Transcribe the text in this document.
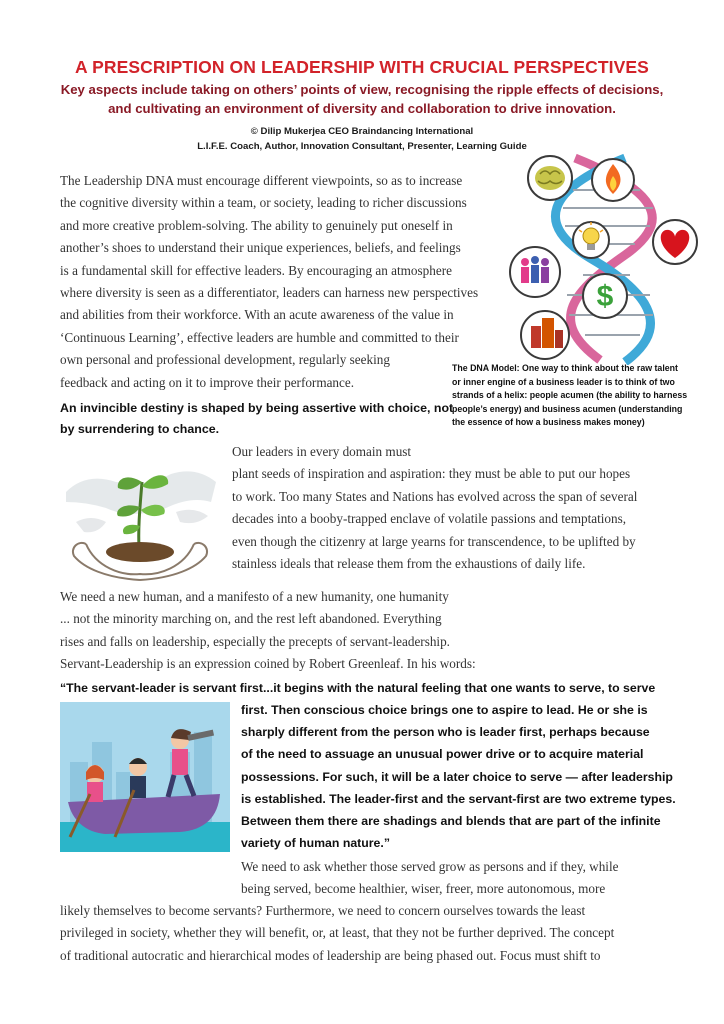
A PRESCRIPTION ON LEADERSHIP WITH CRUCIAL PERSPECTIVES
Key aspects include taking on others’ points of view, recognising the ripple effects of decisions,
and cultivating an environment of diversity and collaboration to drive innovation.
© Dilip Mukerjea CEO Braindancing International
L.I.F.E. Coach, Author, Innovation Consultant, Presenter, Learning Guide

The Leadership DNA must encourage different viewpoints, so as to increase
the cognitive diversity within a team, or society, leading to richer discussions
and more creative problem-solving. The ability to genuinely put oneself in
another’s shoes to understand their unique experiences, beliefs, and feelings
is a fundamental skill for effective leaders. By encouraging an atmosphere
where diversity is seen as a differentiator, leaders can harness new perspectives
and abilities from their workforce. With an acute awareness of the value in
‘Continuous Learning’, effective leaders are humble and committed to their
own personal and professional development, regularly seeking
feedback and acting on it to improve their performance.

An invincible destiny is shaped by being assertive with choice, not
by surrendering to chance.

$

The DNA Model: One way to think about the raw talent
or inner engine of a business leader is to think of two
strands of a helix: people acumen (the ability to harness
people’s energy) and business acumen (understanding
the essence of how a business makes money)

Our leaders in every domain must
plant seeds of inspiration and aspiration: they must be able to put our hopes
to work. Too many States and Nations has evolved across the span of several
decades into a booby-trapped enclave of volatile passions and temptations,
even though the citizenry at large yearns for transcendence, to be uplifted by
stainless ideals that release them from the exhaustions of daily life.

We need a new human, and a manifesto of a new humanity, one humanity
... not the minority marching on, and the rest left abandoned. Everything
rises and falls on leadership, especially the precepts of servant-leadership.
Servant-Leadership is an expression coined by Robert Greenleaf. In his words:

“The servant-leader is servant first...it begins with the natural feeling that one wants to serve, to serve

first. Then conscious choice brings one to aspire to lead. He or she is
sharply different from the person who is leader first, perhaps because
of the need to assuage an unusual power drive or to acquire material
possessions. For such, it will be a later choice to serve — after leadership
is established. The leader-first and the servant-first are two extreme types.
Between them there are shadings and blends that are part of the infinite
variety of human nature.”

We need to ask whether those served grow as persons and if they, while
being served, become healthier, wiser, freer, more autonomous, more

likely themselves to become servants? Furthermore, we need to concern ourselves towards the least
privileged in society, whether they will benefit, or, at least, that they not be further deprived. The concept
of traditional autocratic and hierarchical modes of leadership are being phased out. Focus must shift to
